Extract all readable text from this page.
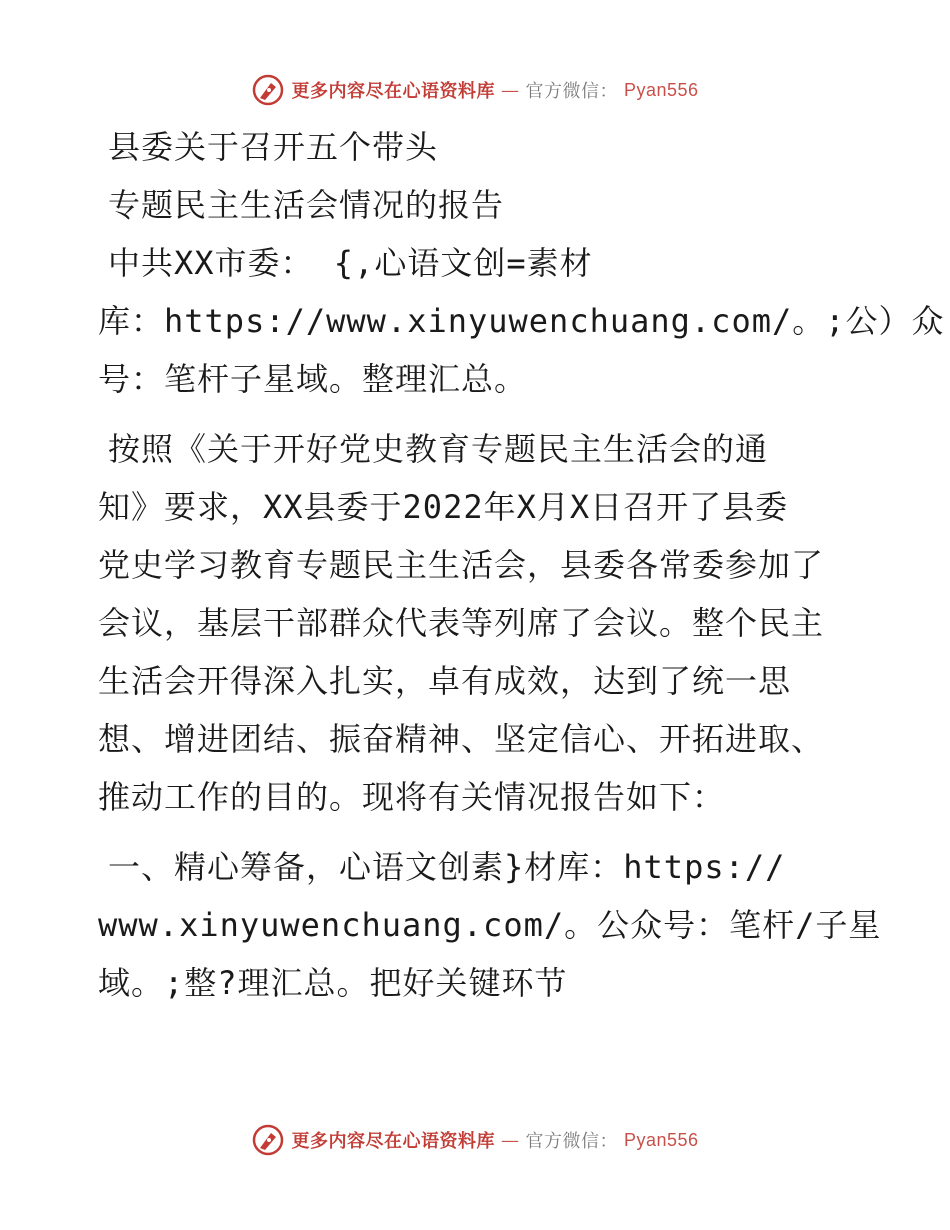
更多内容尽在心语资料库 — 官方微信： Pyan556
县委关于召开五个带头
专题民主生活会情况的报告
中共XX市委： {,心语文创=素材
库：https://www.xinyuwenchuang.com/。;公）众
号：笔杆子星域。整理汇总。
按照《关于开好党史教育专题民主生活会的通
知》要求，XX县委于2022年X月X日召开了县委
党史学习教育专题民主生活会，县委各常委参加了
会议，基层干部群众代表等列席了会议。整个民主
生活会开得深入扎实，卓有成效，达到了统一思
想、增进团结、振奋精神、坚定信心、开拓进取、
推动工作的目的。现将有关情况报告如下：
一、精心筹备，心语文创素}材库：https://
www.xinyuwenchuang.com/。公众号：笔杆/子星
域。;整?理汇总。把好关键环节
更多内容尽在心语资料库 — 官方微信： Pyan556
